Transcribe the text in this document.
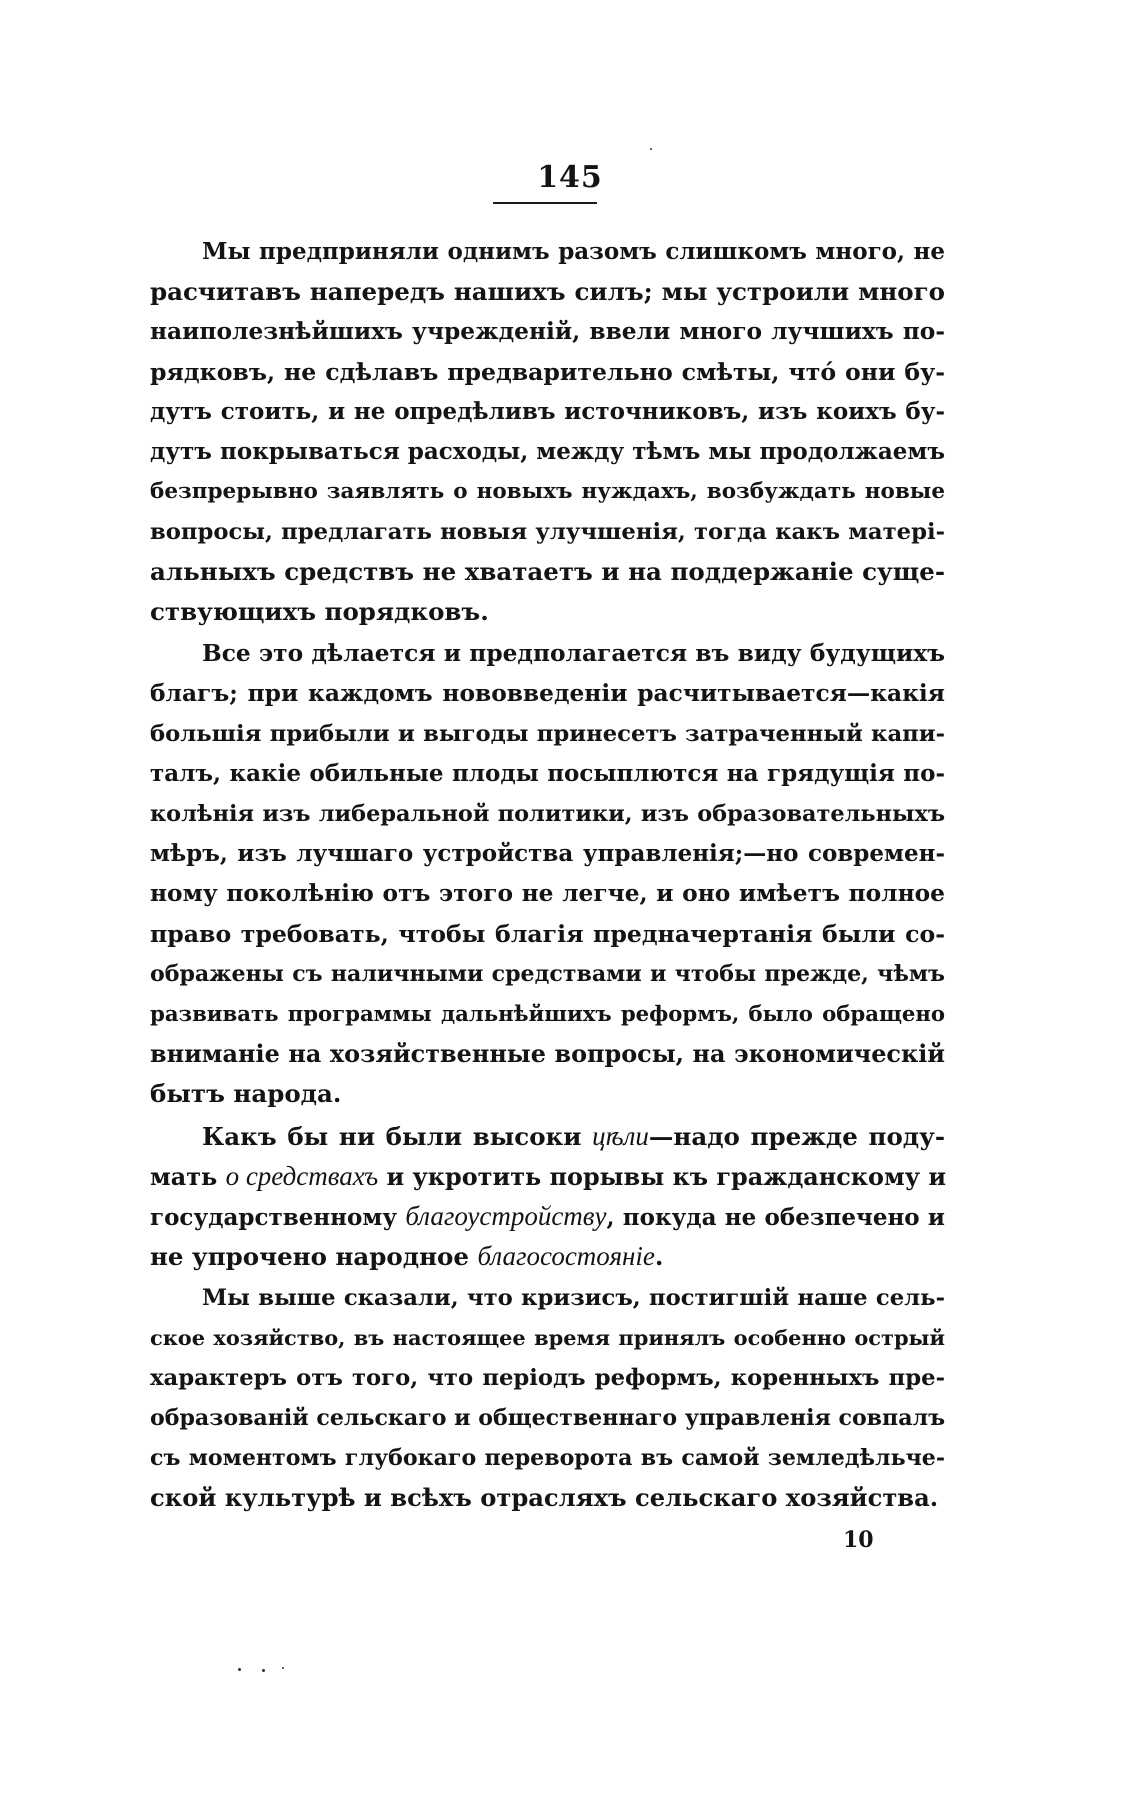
145
Мы предприняли однимъ разомъ слишкомъ много, не
расчитавъ напередъ нашихъ силъ; мы устроили много
наиполезнѣйшихъ учрежденій, ввели много лучшихъ по-
рядковъ, не сдѣлавъ предварительно смѣты, чтó они бу-
дутъ стоить, и не опредѣливъ источниковъ, изъ коихъ бу-
дутъ покрываться расходы, между тѣмъ мы продолжаемъ
безпрерывно заявлять о новыхъ нуждахъ, возбуждать новые
вопросы, предлагать новыя улучшенія, тогда какъ матері-
альныхъ средствъ не хватаетъ и на поддержаніе суще-
ствующихъ порядковъ.
Все это дѣлается и предполагается въ виду будущихъ
благъ; при каждомъ нововведеніи расчитывается—какія
большія прибыли и выгоды принесетъ затраченный капи-
талъ, какіе обильные плоды посыплются на грядущія по-
колѣнія изъ либеральной политики, изъ образовательныхъ
мѣръ, изъ лучшаго устройства управленія;—но современ-
ному поколѣнію отъ этого не легче, и оно имѣетъ полное
право требовать, чтобы благія предначертанія были со-
ображены съ наличными средствами и чтобы прежде, чѣмъ
развивать программы дальнѣйшихъ реформъ, было обращено
вниманіе на хозяйственные вопросы, на экономическій
бытъ народа.
Какъ бы ни были высоки цѣли—надо прежде поду-
мать о средствахъ и укротить порывы къ гражданскому и
государственному благоустройству, покуда не обезпечено и
не упрочено народное благосостояніе.
Мы выше сказали, что кризисъ, постигшій наше сель-
ское хозяйство, въ настоящее время принялъ особенно острый
характеръ отъ того, что періодъ реформъ, коренныхъ пре-
образованій сельскаго и общественнаго управленія совпалъ
съ моментомъ глубокаго переворота въ самой земледѣльче-
ской культурѣ и всѣхъ отрасляхъ сельскаго хозяйства.
10
